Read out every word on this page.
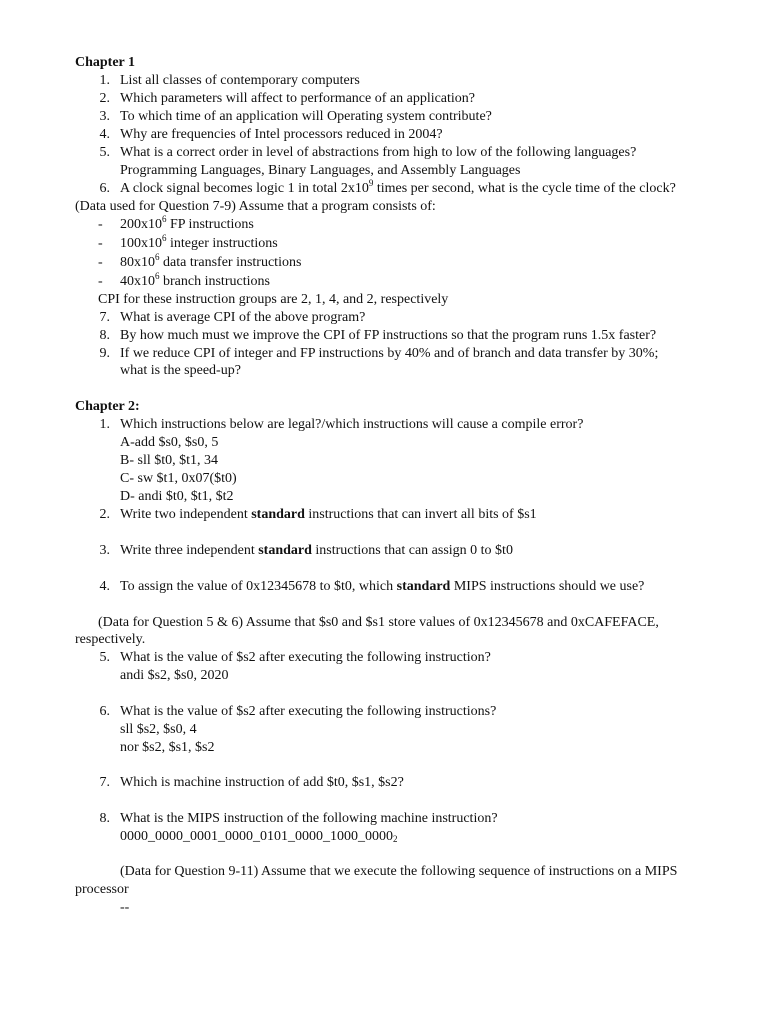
Chapter 1
1. List all classes of contemporary computers
2. Which parameters will affect to performance of an application?
3. To which time of an application will Operating system contribute?
4. Why are frequencies of Intel processors reduced in 2004?
5. What is a correct order in level of abstractions from high to low of the following languages?
Programming Languages, Binary Languages, and Assembly Languages
6. A clock signal becomes logic 1 in total $2x10^9$ times per second, what is the cycle time of the clock?
(Data used for Question 7-9) Assume that a program consists of:
- $200x10^6$ FP instructions
- $100x10^6$ integer instructions
- $80x10^6$ data transfer instructions
- $40x10^6$ branch instructions
CPI for these instruction groups are 2, 1, 4, and 2, respectively
7. What is average CPI of the above program?
8. By how much must we improve the CPI of FP instructions so that the program runs 1.5x faster?
9. If we reduce CPI of integer and FP instructions by 40% and of branch and data transfer by 30%;
what is the speed-up?
Chapter 2:
1. Which instructions below are legal?/which instructions will cause a compile error?
A-add $s0, $s0, 5
B- sll $t0, $t1, 34
C- sw $t1, 0x07($t0)
D- andi $t0, $t1, $t2
2. Write two independent standard instructions that can invert all bits of $s1
3. Write three independent standard instructions that can assign 0 to $t0
4. To assign the value of 0x12345678 to $t0, which standard MIPS instructions should we use?
(Data for Question 5 & 6) Assume that $s0 and $s1 store values of 0x12345678 and 0xCAFEFACE,
respectively.
5. What is the value of $s2 after executing the following instruction?
andi $s2, $s0, 2020
6. What is the value of $s2 after executing the following instructions?
sll $s2, $s0, 4
nor $s2, $s1, $s2
7. Which is machine instruction of add $t0, $s1, $s2?
8. What is the MIPS instruction of the following machine instruction?
$0000\_0000\_0001\_0000\_0101\_0000\_1000\_0000_2$
(Data for Question 9-11) Assume that we execute the following sequence of instructions on a MIPS
processor
--
